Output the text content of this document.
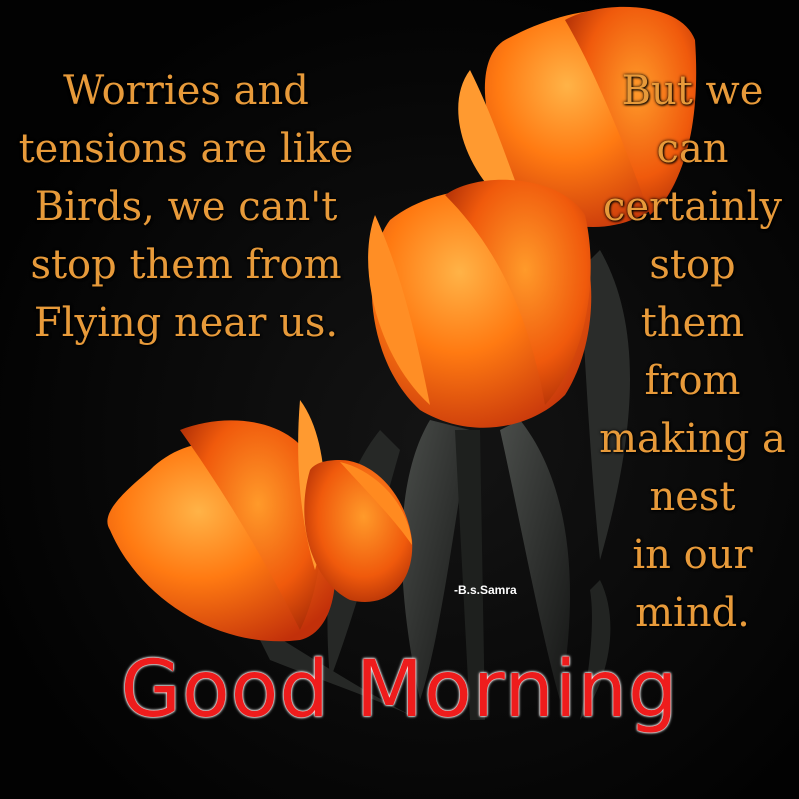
Worries and
tensions are like
Birds, we can't
stop them from
Flying near us.

But we
can
certainly
stop
them
from
making a
nest
in our
mind.

-B.s.Samra
Good Morning
